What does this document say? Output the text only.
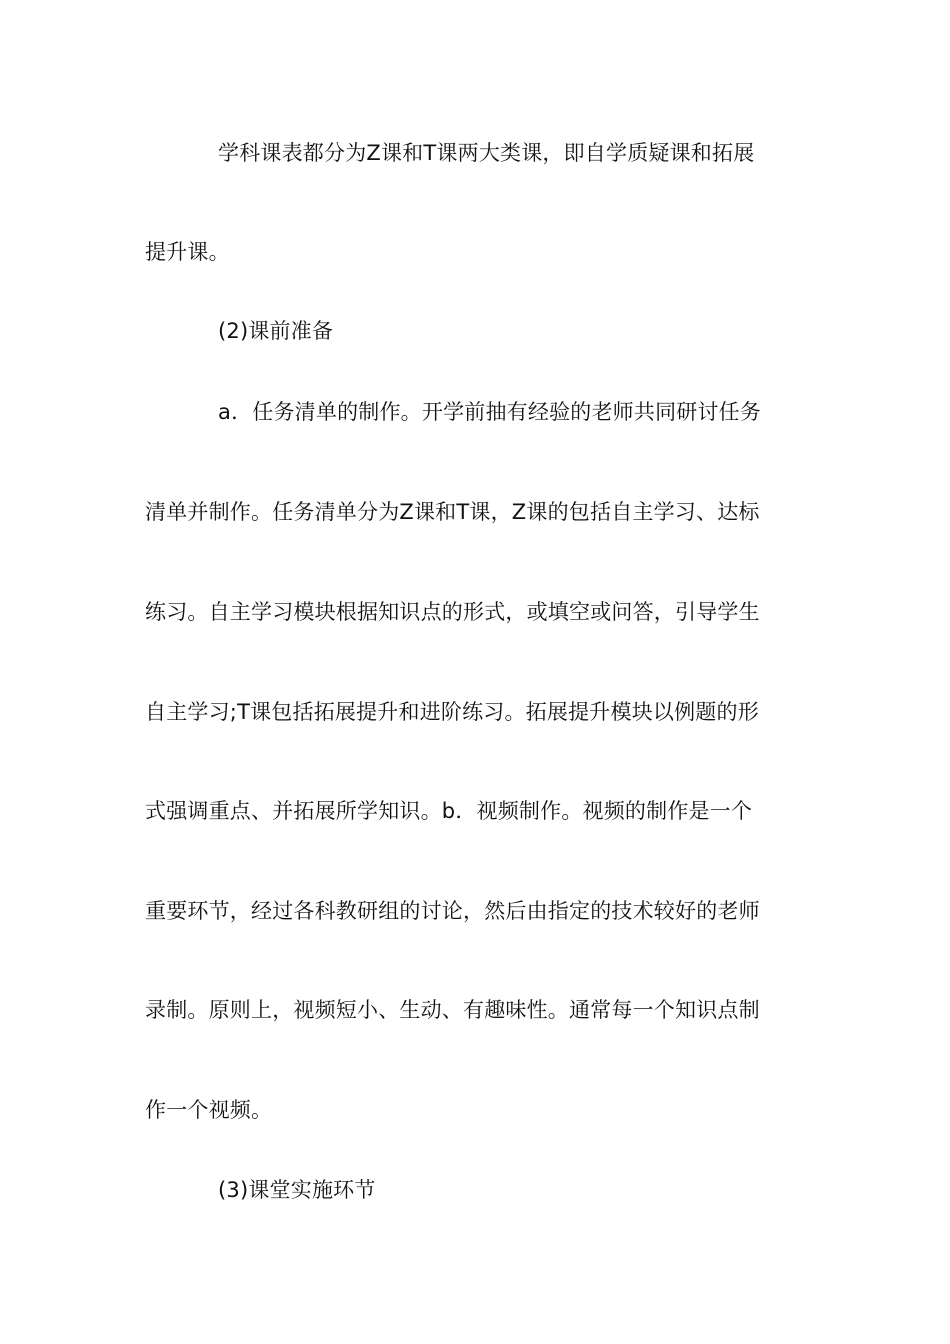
学科课表都分为Z课和T课两大类课，即自学质疑课和拓展
提升课。
(2)课前准备
a．任务清单的制作。开学前抽有经验的老师共同研讨任务
清单并制作。任务清单分为Z课和T课，Z课的包括自主学习、达标
练习。自主学习模块根据知识点的形式，或填空或问答，引导学生
自主学习;T课包括拓展提升和进阶练习。拓展提升模块以例题的形
式强调重点、并拓展所学知识。b．视频制作。视频的制作是一个
重要环节，经过各科教研组的讨论，然后由指定的技术较好的老师
录制。原则上，视频短小、生动、有趣味性。通常每一个知识点制
作一个视频。
(3)课堂实施环节
